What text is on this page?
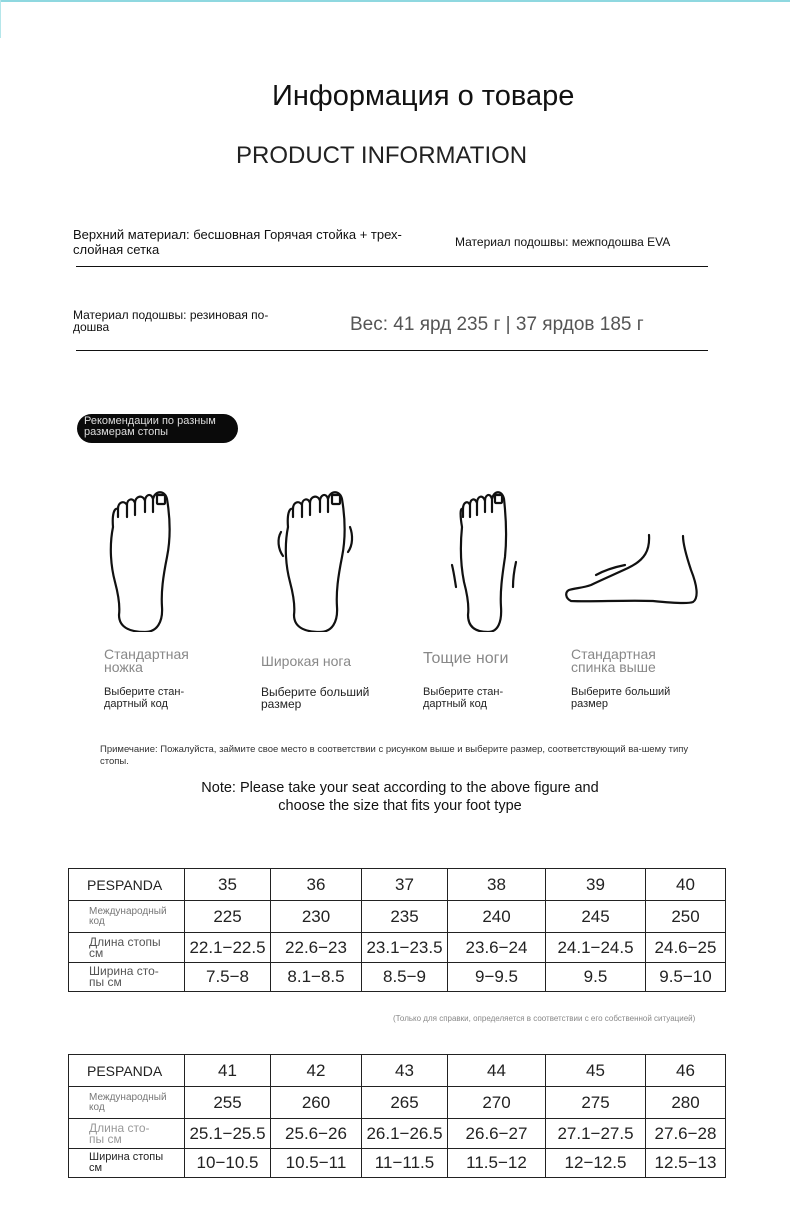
Информация о товаре
PRODUCT INFORMATION
Верхний материал: бесшовная Горячая стойка + трех-
слойная сетка	Материал подошвы: межподошва EVA
Материал подошвы: резиновая по-
дошва	Вес: 41 ярд 235 г | 37 ярдов 185 г
Рекомендации по разным
размерам стопы
Стандартная
ножка
Выберите стан-
дартный код
Широкая нога
Выберите больший
размер
Тощие ноги
Выберите стан-
дартный код
Стандартная
спинка выше
Выберите больший
размер
Примечание: Пожалуйста, займите свое место в соответствии с рисунком выше и выберите размер, соответствующий ва-шему типу стопы.
Note: Please take your seat according to the above figure and
choose the size that fits your foot type
PESPANDA	35	36	37	38	39	40

Международный
код	225	230	235	240	245	250

Длина стопы
см	22.1−22.5	22.6−23	23.1−23.5	23.6−24	24.1−24.5	24.6−25

Ширина сто-
пы см	7.5−8	8.1−8.5	8.5−9	9−9.5	9.5	9.5−10
(Только для справки, определяется в соответствии с его собственной ситуацией)
PESPANDA	41	42	43	44	45	46

Международный
код	255	260	265	270	275	280

Длина сто-
пы см	25.1−25.5	25.6−26	26.1−26.5	26.6−27	27.1−27.5	27.6−28

Ширина стопы
см	10−10.5	10.5−11	11−11.5	11.5−12	12−12.5	12.5−13
